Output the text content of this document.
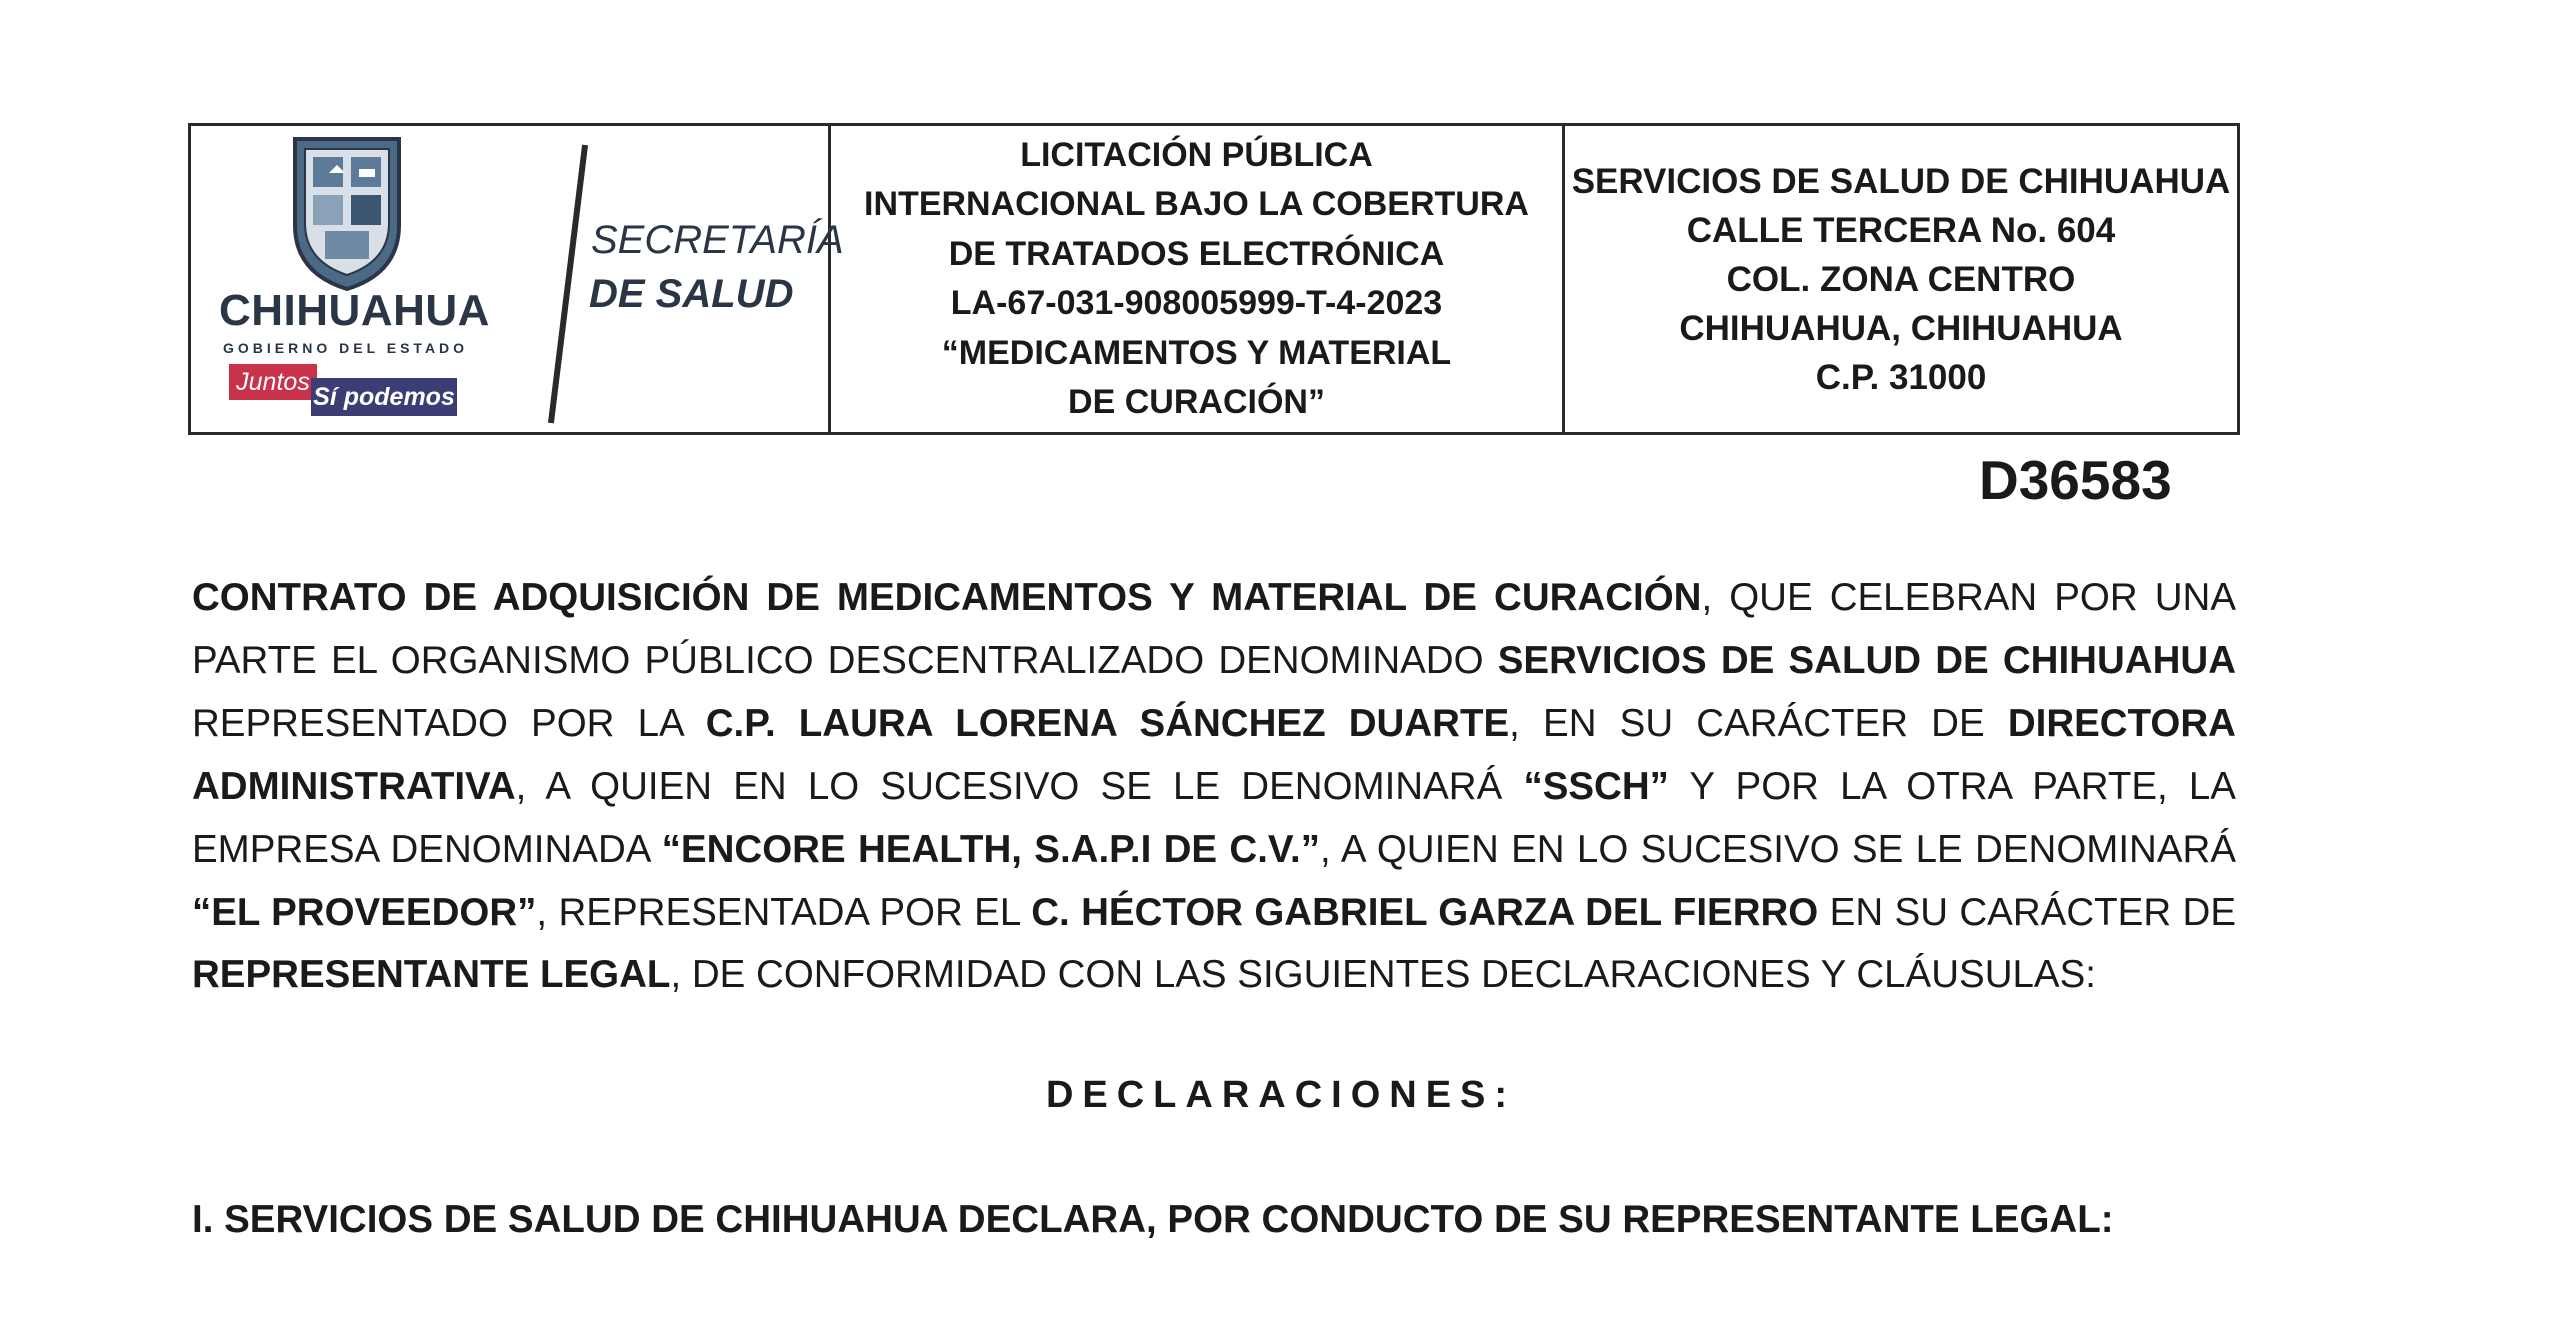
CHIHUAHUA
GOBIERNO DEL ESTADO
Juntos
Sí podemos
SECRETARÍA
DE SALUD
LICITACIÓN PÚBLICA
INTERNACIONAL BAJO LA COBERTURA
DE TRATADOS ELECTRÓNICA
LA-67-031-908005999-T-4-2023
“MEDICAMENTOS Y MATERIAL
DE CURACIÓN”
SERVICIOS DE SALUD DE CHIHUAHUA
CALLE TERCERA No. 604
COL. ZONA CENTRO
CHIHUAHUA, CHIHUAHUA
C.P. 31000
D36583
CONTRATO DE ADQUISICIÓN DE MEDICAMENTOS Y MATERIAL DE CURACIÓN, QUE CELEBRAN POR UNA PARTE EL ORGANISMO PÚBLICO DESCENTRALIZADO DENOMINADO SERVICIOS DE SALUD DE CHIHUAHUA REPRESENTADO POR LA C.P. LAURA LORENA SÁNCHEZ DUARTE, EN SU CARÁCTER DE DIRECTORA ADMINISTRATIVA, A QUIEN EN LO SUCESIVO SE LE DENOMINARÁ “SSCH” Y POR LA OTRA PARTE, LA EMPRESA DENOMINADA “ENCORE HEALTH, S.A.P.I DE C.V.”, A QUIEN EN LO SUCESIVO SE LE DENOMINARÁ “EL PROVEEDOR”, REPRESENTADA POR EL C. HÉCTOR GABRIEL GARZA DEL FIERRO EN SU CARÁCTER DE REPRESENTANTE LEGAL, DE CONFORMIDAD CON LAS SIGUIENTES DECLARACIONES Y CLÁUSULAS:
DECLARACIONES:
I. SERVICIOS DE SALUD DE CHIHUAHUA DECLARA, POR CONDUCTO DE SU REPRESENTANTE LEGAL:
